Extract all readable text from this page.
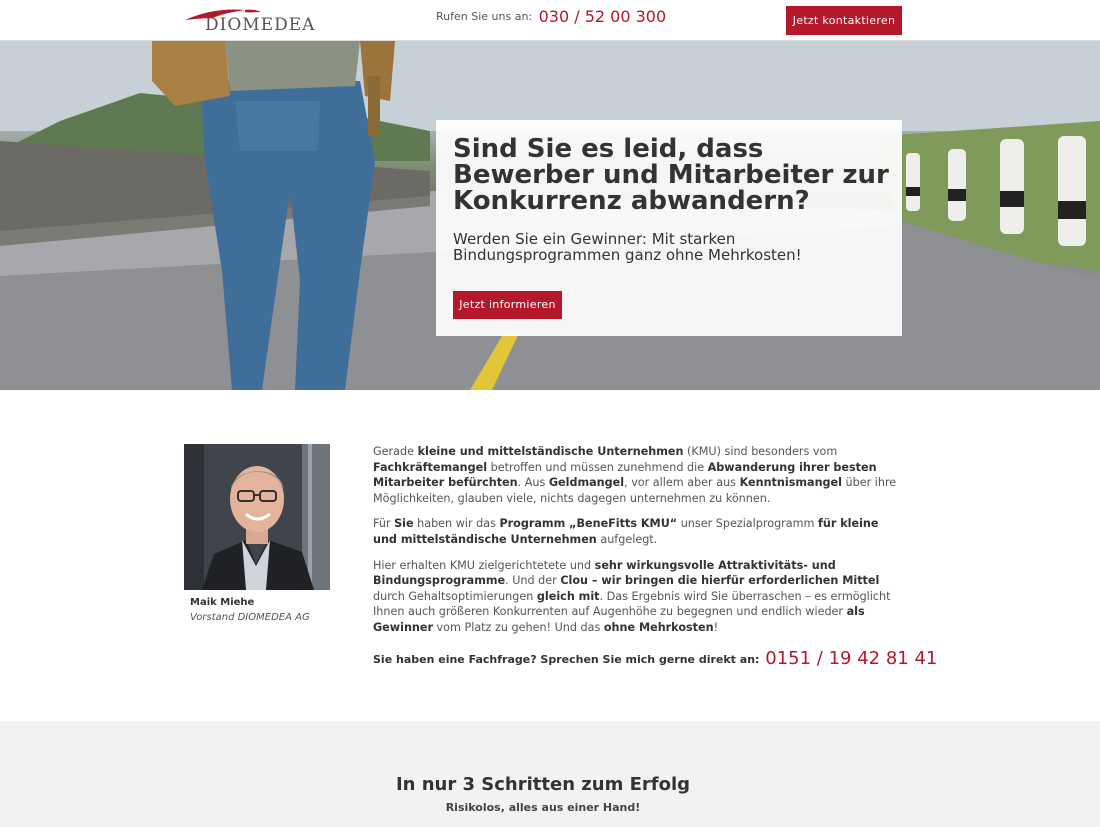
DIOMEDEA	Rufen Sie uns an: 030 / 52 00 300	Jetzt kontaktieren
Sind Sie es leid, dass Bewerber und Mitarbeiter zur Konkurrenz abwandern?

Werden Sie ein Gewinner: Mit starken Bindungsprogrammen ganz ohne Mehrkosten!

Jetzt informieren
Maik Miehe
Vorstand DIOMEDEA AG

Gerade kleine und mittelständische Unternehmen (KMU) sind besonders vom Fachkräftemangel betroffen und müssen zunehmend die Abwanderung ihrer besten Mitarbeiter befürchten. Aus Geldmangel, vor allem aber aus Kenntnismangel über ihre Möglichkeiten, glauben viele, nichts dagegen unternehmen zu können.

Für Sie haben wir das Programm „BeneFitts KMU“ unser Spezialprogramm für kleine und mittelständische Unternehmen aufgelegt.

Hier erhalten KMU zielgerichtetete und sehr wirkungsvolle Attraktivitäts- und Bindungsprogramme. Und der Clou – wir bringen die hierfür erforderlichen Mittel durch Gehaltsoptimierungen gleich mit. Das Ergebnis wird Sie überraschen – es ermöglicht Ihnen auch größeren Konkurrenten auf Augenhöhe zu begegnen und endlich wieder als Gewinner vom Platz zu gehen! Und das ohne Mehrkosten!

Sie haben eine Fachfrage? Sprechen Sie mich gerne direkt an: 0151 / 19 42 81 41
In nur 3 Schritten zum Erfolg
Risikolos, alles aus einer Hand!
